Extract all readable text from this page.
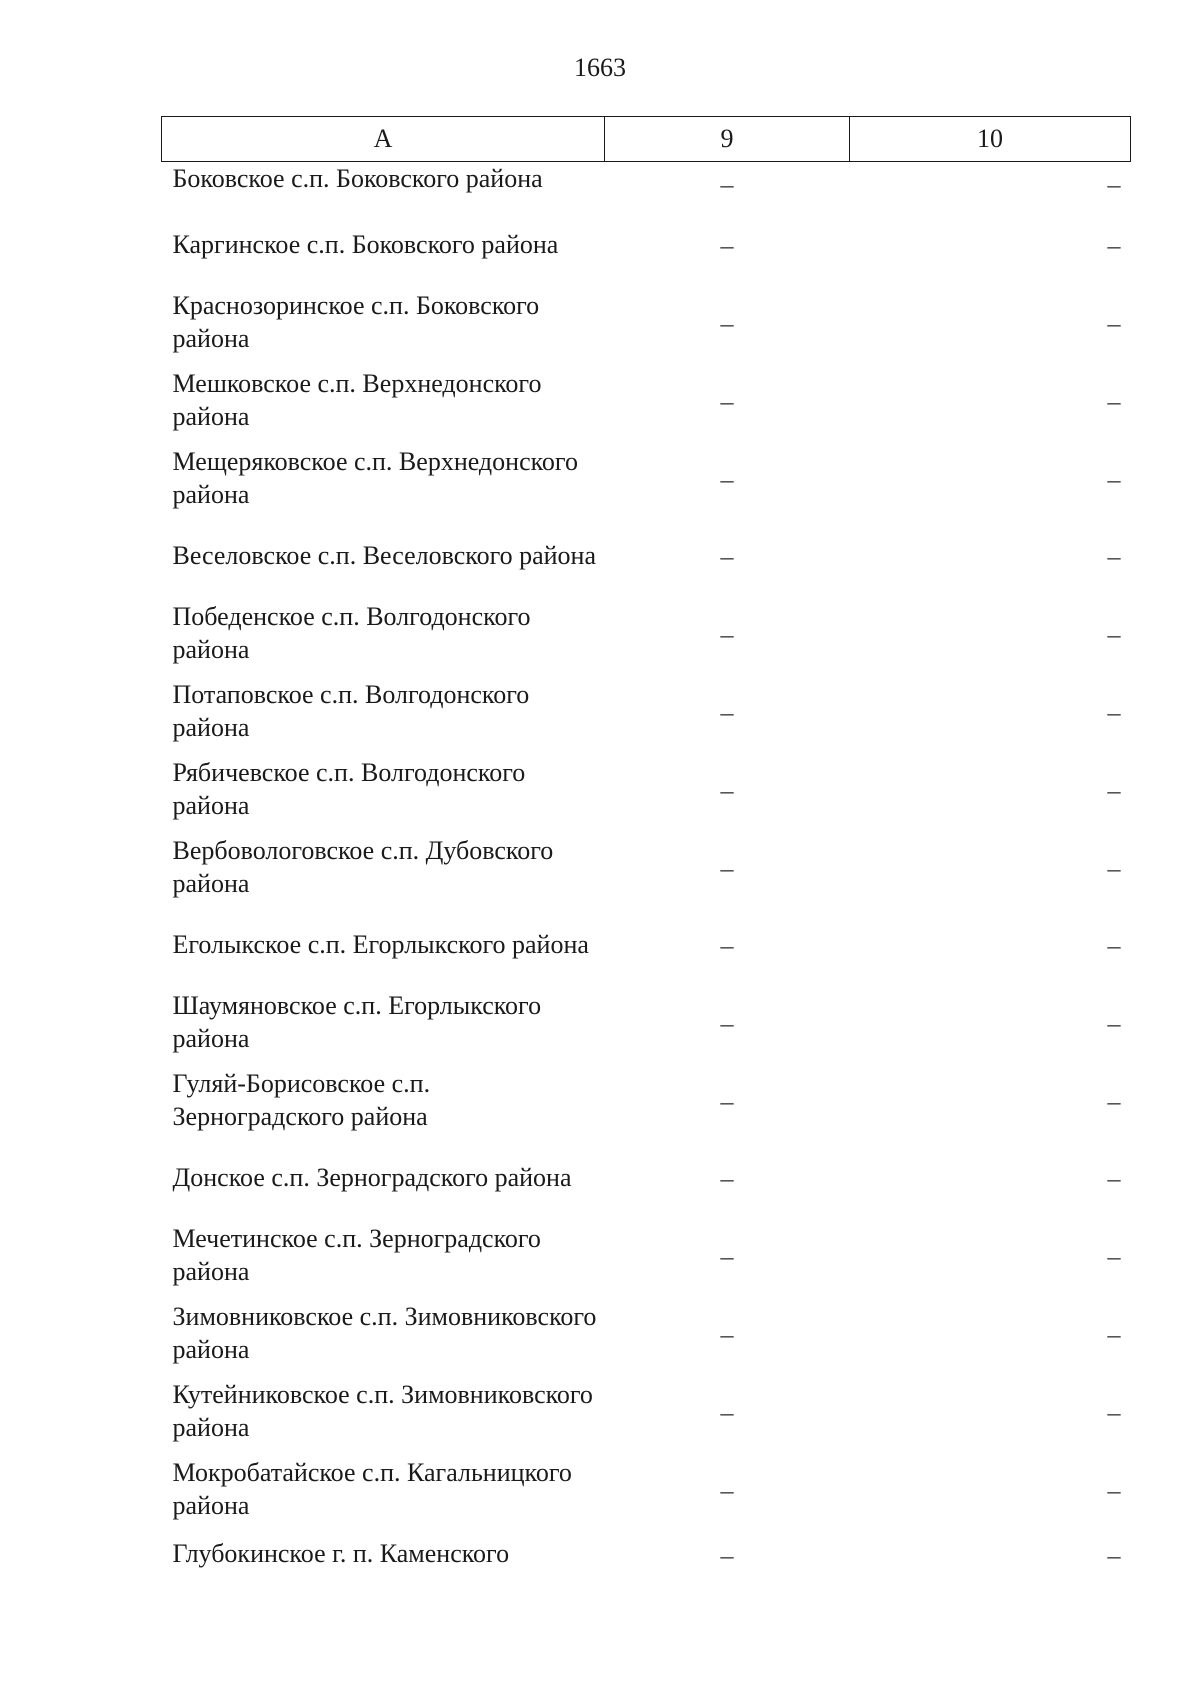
1663
А	9	10
Боковское с.п. Боковского района	–	–
Каргинское с.п. Боковского района	–	–
Краснозоринское с.п. Боковского района	–	–
Мешковское с.п. Верхнедонского района	–	–
Мещеряковское с.п. Верхнедонского района	–	–
Веселовское с.п. Веселовского района	–	–
Победенское с.п. Волгодонского района	–	–
Потаповское с.п. Волгодонского района	–	–
Рябичевское с.п. Волгодонского района	–	–
Вербовологовское с.п. Дубовского района	–	–
Еголыкское с.п. Егорлыкского района	–	–
Шаумяновское с.п. Егорлыкского района	–	–
Гуляй-Борисовское с.п. Зерноградского района	–	–
Донское с.п. Зерноградского района	–	–
Мечетинское с.п. Зерноградского района	–	–
Зимовниковское с.п. Зимовниковского района	–	–
Кутейниковское с.п. Зимовниковского района	–	–
Мокробатайское с.п. Кагальницкого района	–	–
Глубокинское г. п. Каменского	–	–
